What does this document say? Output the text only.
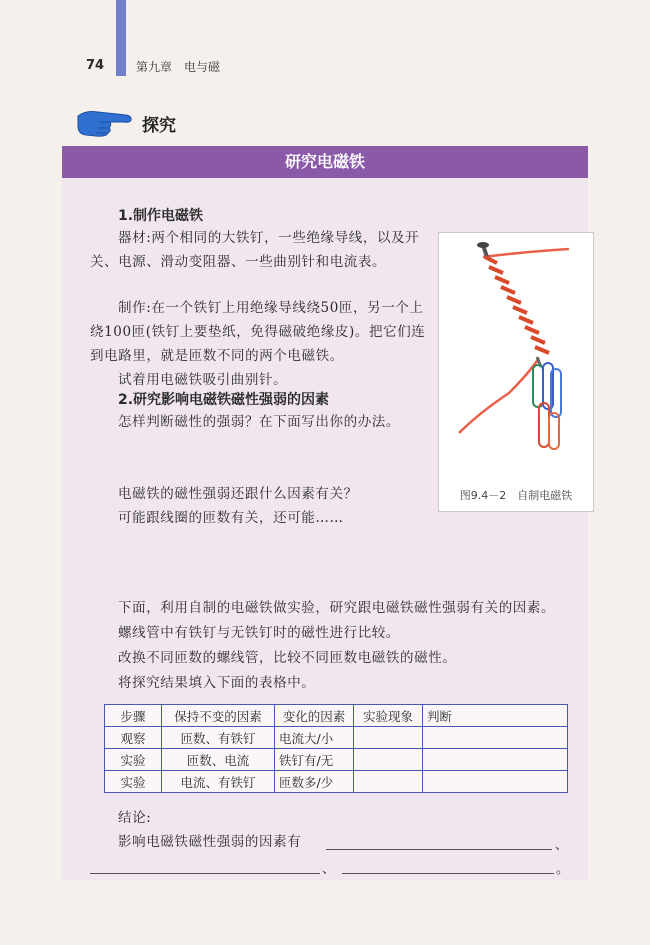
74	第九章　电与磁
探究
研究电磁铁
1.制作电磁铁
器材:两个相同的大铁钉，一些绝缘导线，以及开关、电源、滑动变阻器、一些曲别针和电流表。
制作:在一个铁钉上用绝缘导线绕50匝，另一个上绕100匝(铁钉上要垫纸，免得磁破绝缘皮)。把它们连到电路里，就是匝数不同的两个电磁铁。
试着用电磁铁吸引曲别针。
2.研究影响电磁铁磁性强弱的因素
怎样判断磁性的强弱？在下面写出你的办法。
电磁铁的磁性强弱还跟什么因素有关？
可能跟线圈的匝数有关，还可能……
图9.4－2　自制电磁铁
下面，利用自制的电磁铁做实验，研究跟电磁铁磁性强弱有关的因素。
螺线管中有铁钉与无铁钉时的磁性进行比较。
改换不同匝数的螺线管，比较不同匝数电磁铁的磁性。
将探究结果填入下面的表格中。
步骤	保持不变的因素	变化的因素	实验现象	判断
观察	匝数、有铁钉	电流大/小		
实验	匝数、电流	铁钉有/无		
实验	电流、有铁钉	匝数多/少		
结论:
影响电磁铁磁性强弱的因素有	、
、	。
